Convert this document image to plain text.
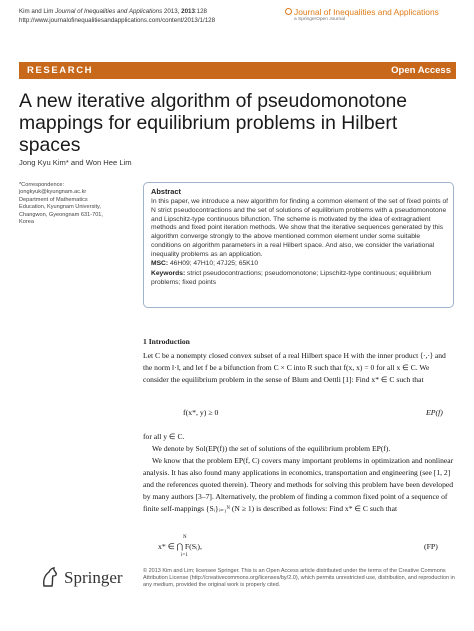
Kim and Lim Journal of Inequalities and Applications 2013, 2013:128
http://www.journalofinequalitiesandapplications.com/content/2013/1/128
Journal of Inequalities and Applications
a SpringerOpen Journal
RESEARCH	Open Access
A new iterative algorithm of pseudomonotone mappings for equilibrium problems in Hilbert spaces
Jong Kyu Kim* and Won Hee Lim
*Correspondence:
jongkyuk@kyungnam.ac.kr
Department of Mathematics
Education, Kyungnam University,
Changwon, Gyeongnam 631-701,
Korea
Abstract
In this paper, we introduce a new algorithm for finding a common element of the set of fixed points of N strict pseudocontractions and the set of solutions of equilibrium problems with a pseudomonotone and Lipschitz-type continuous bifunction. The scheme is motivated by the idea of extragradient methods and fixed point iteration methods. We show that the iterative sequences generated by this algorithm converge strongly to the above mentioned common element under some suitable conditions on algorithm parameters in a real Hilbert space. And also, we consider the variational inequality problems as an application.
MSC: 46H09; 47H10; 47J25; 65K10
Keywords: strict pseudocontractions; pseudomonotone; Lipschitz-type continuous; equilibrium problems; fixed points
1 Introduction
Let C be a nonempty closed convex subset of a real Hilbert space H with the inner product ⟨·,·⟩ and the norm ‖·‖, and let f be a bifunction from C × C into R such that f(x, x) = 0 for all x ∈ C. We consider the equilibrium problem in the sense of Blum and Oettli [1]: Find x* ∈ C such that
f(x*, y) ≥ 0	EP(f)
for all y ∈ C.
We denote by Sol(EP(f)) the set of solutions of the equilibrium problem EP(f).
We know that the problem EP(f, C) covers many important problems in optimization and nonlinear analysis. It has also found many applications in economics, transportation and engineering (see [1, 2] and the references quoted therein). Theory and methods for solving this problem have been developed by many authors [3–7]. Alternatively, the problem of finding a common fixed point of a sequence of finite self-mappings {Sᵢ}ᵢ₌₁ᴺ (N ≥ 1) is described as follows: Find x* ∈ C such that
N
x* ∈ ⋂ F(Sᵢ),
i=1
(FP)
Springer	© 2013 Kim and Lim; licensee Springer. This is an Open Access article distributed under the terms of the Creative Commons Attribution License (http://creativecommons.org/licenses/by/2.0), which permits unrestricted use, distribution, and reproduction in any medium, provided the original work is properly cited.
